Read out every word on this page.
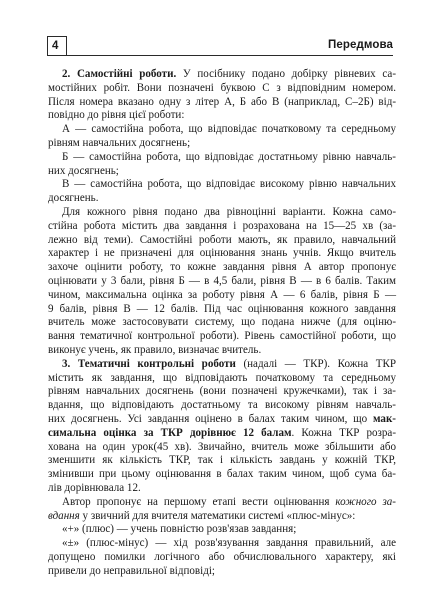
4	Передмова
2. Самостійні роботи. У посібнику подано добірку рівневих са-
мостійних робіт. Вони позначені буквою С з відповідним номером.
Після номера вказано одну з літер А, Б або В (наприклад, С–2Б) від-
повідно до рівня цієї роботи:
А — самостійна робота, що відповідає початковому та середньому
рівням навчальних досягнень;
Б — самостійна робота, що відповідає достатньому рівню навчаль-
них досягнень;
В — самостійна робота, що відповідає високому рівню навчальних
досягнень.
Для кожного рівня подано два рівноцінні варіанти. Кожна само-
стійна робота містить два завдання і розрахована на 15—25 хв (за-
лежно від теми). Самостійні роботи мають, як правило, навчальний
характер і не призначені для оцінювання знань учнів. Якщо вчитель
захоче оцінити роботу, то кожне завдання рівня А автор пропонує
оцінювати у 3 бали, рівня Б — в 4,5 бали, рівня В — в 6 балів. Таким
чином, максимальна оцінка за роботу рівня А — 6 балів, рівня Б —
9 балів, рівня В — 12 балів. Під час оцінювання кожного завдання
вчитель може застосовувати систему, що подана нижче (для оціню-
вання тематичної контрольної роботи). Рівень самостійної роботи, що
виконує учень, як правило, визначає вчитель.
3. Тематичні контрольні роботи (надалі — ТКР). Кожна ТКР
містить як завдання, що відповідають початковому та середньому
рівням навчальних досягнень (вони позначені кружечками), так і за-
вдання, що відповідають достатньому та високому рівням навчаль-
них досягнень. Усі завдання оцінено в балах таким чином, що мак-
симальна оцінка за ТКР дорівнює 12 балам. Кожна ТКР розра-
хована на один урок(45 хв). Звичайно, вчитель може збільшити або
зменшити як кількість ТКР, так і кількість завдань у кожній ТКР,
змінивши при цьому оцінювання в балах таким чином, щоб сума ба-
лів дорівнювала 12.
Автор пропонує на першому етапі вести оцінювання кожного за-
вдання у звичний для вчителя математики системі «плюс-мінус»:
«+» (плюс) — учень повністю розв'язав завдання;
«±» (плюс-мінус) — хід розв'язування завдання правильний, але
допущено помилки логічного або обчислювального характеру, які
привели до неправильної відповіді;
